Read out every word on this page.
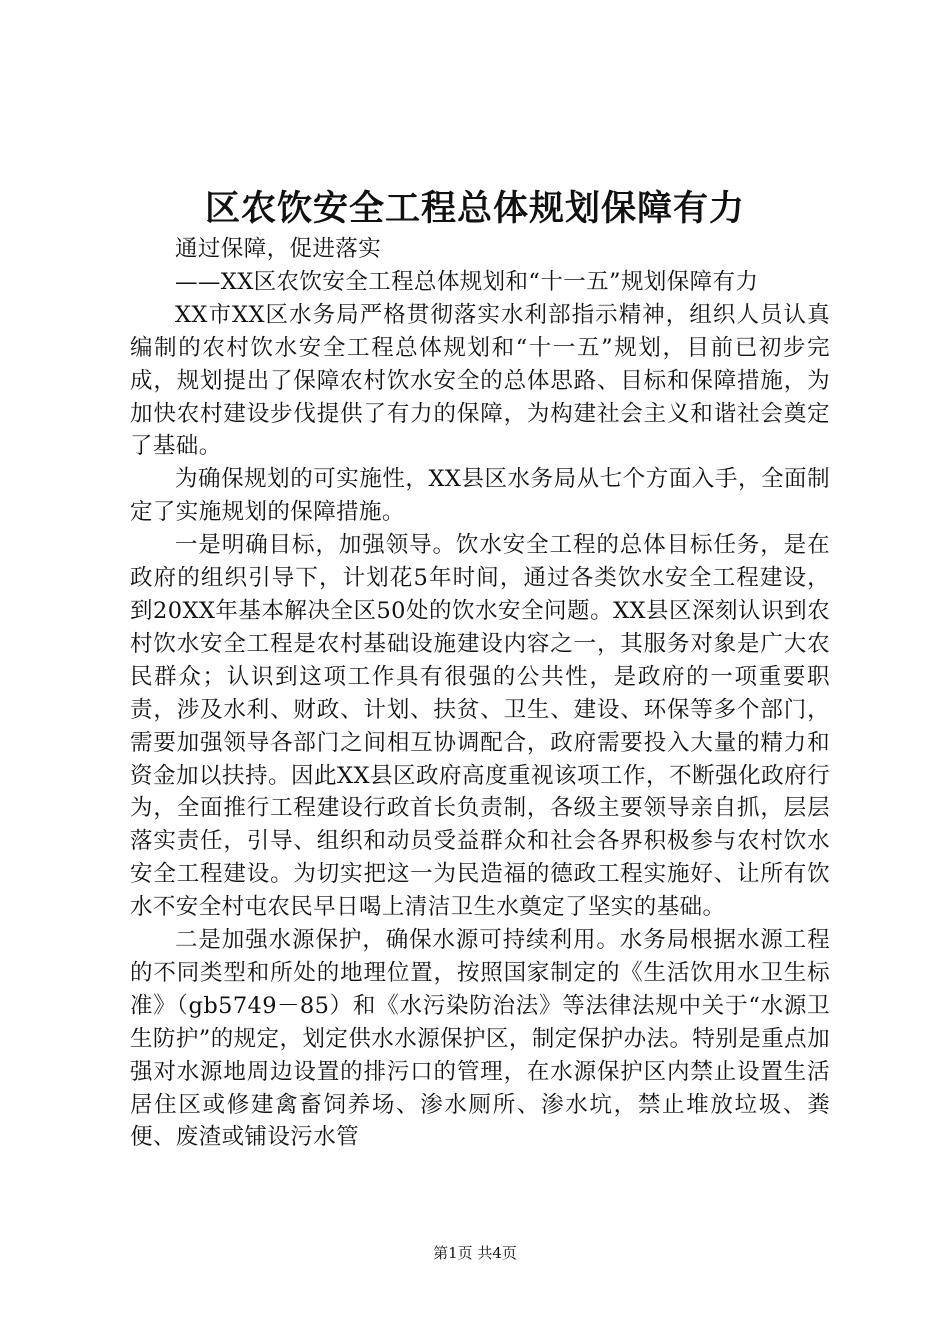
区农饮安全工程总体规划保障有力

通过保障，促进落实

——XX区农饮安全工程总体规划和“十一五”规划保障有力

XX市XX区水务局严格贯彻落实水利部指示精神，组织人员认真编制的农村饮水安全工程总体规划和“十一五”规划，目前已初步完成，规划提出了保障农村饮水安全的总体思路、目标和保障措施，为加快农村建设步伐提供了有力的保障，为构建社会主义和谐社会奠定了基础。

为确保规划的可实施性，XX县区水务局从七个方面入手，全面制定了实施规划的保障措施。

一是明确目标，加强领导。饮水安全工程的总体目标任务，是在政府的组织引导下，计划花5年时间，通过各类饮水安全工程建设，到20XX年基本解决全区50处的饮水安全问题。XX县区深刻认识到农村饮水安全工程是农村基础设施建设内容之一，其服务对象是广大农民群众；认识到这项工作具有很强的公共性，是政府的一项重要职责，涉及水利、财政、计划、扶贫、卫生、建设、环保等多个部门，需要加强领导各部门之间相互协调配合，政府需要投入大量的精力和资金加以扶持。因此XX县区政府高度重视该项工作，不断强化政府行为，全面推行工程建设行政首长负责制，各级主要领导亲自抓，层层落实责任，引导、组织和动员受益群众和社会各界积极参与农村饮水安全工程建设。为切实把这一为民造福的德政工程实施好、让所有饮水不安全村屯农民早日喝上清洁卫生水奠定了坚实的基础。

二是加强水源保护，确保水源可持续利用。水务局根据水源工程的不同类型和所处的地理位置，按照国家制定的《生活饮用水卫生标准》（gb5749－85）和《水污染防治法》等法律法规中关于“水源卫生防护”的规定，划定供水水源保护区，制定保护办法。特别是重点加强对水源地周边设置的排污口的管理，在水源保护区内禁止设置生活居住区或修建禽畜饲养场、渗水厕所、渗水坑，禁止堆放垃圾、粪便、废渣或铺设污水管

第1页 共4页
